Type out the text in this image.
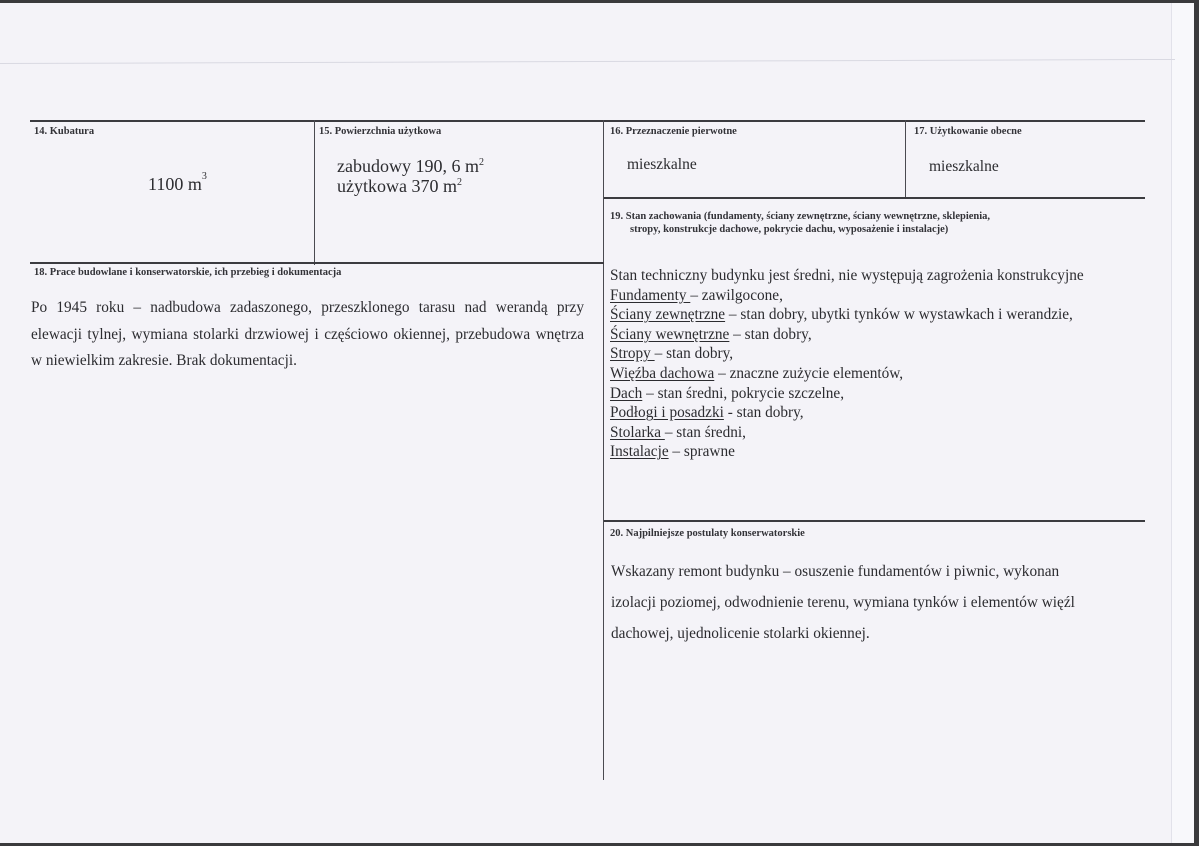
14. Kubatura
1100 $m^3$
15. Powierzchnia użytkowa
zabudowy 190, 6 $m^2$
użytkowa 370 $m^2$
16. Przeznaczenie pierwotne
mieszkalne
17. Użytkowanie obecne
mieszkalne
19. Stan zachowania (fundamenty, ściany zewnętrzne, ściany wewnętrzne, sklepienia,
stropy, konstrukcje dachowe, pokrycie dachu, wyposażenie i instalacje)
Stan techniczny budynku jest średni, nie występują zagrożenia konstrukcyjne
Fundamenty – zawilgocone,
Ściany zewnętrzne – stan dobry, ubytki tynków w wystawkach i werandzie,
Ściany wewnętrzne – stan dobry,
Stropy – stan dobry,
Więźba dachowa – znaczne zużycie elementów,
Dach – stan średni, pokrycie szczelne,
Podłogi i posadzki - stan dobry,
Stolarka – stan średni,
Instalacje – sprawne
18. Prace budowlane i konserwatorskie, ich przebieg i dokumentacja
Po 1945 roku – nadbudowa zadaszonego, przeszklonego tarasu nad werandą przy elewacji tylnej, wymiana stolarki drzwiowej i częściowo okiennej, przebudowa wnętrza w niewielkim zakresie. Brak dokumentacji.
20. Najpilniejsze postulaty konserwatorskie
Wskazany remont budynku – osuszenie fundamentów i piwnic, wykonan
izolacji poziomej, odwodnienie terenu, wymiana tynków i elementów więźl
dachowej, ujednolicenie stolarki okiennej.
